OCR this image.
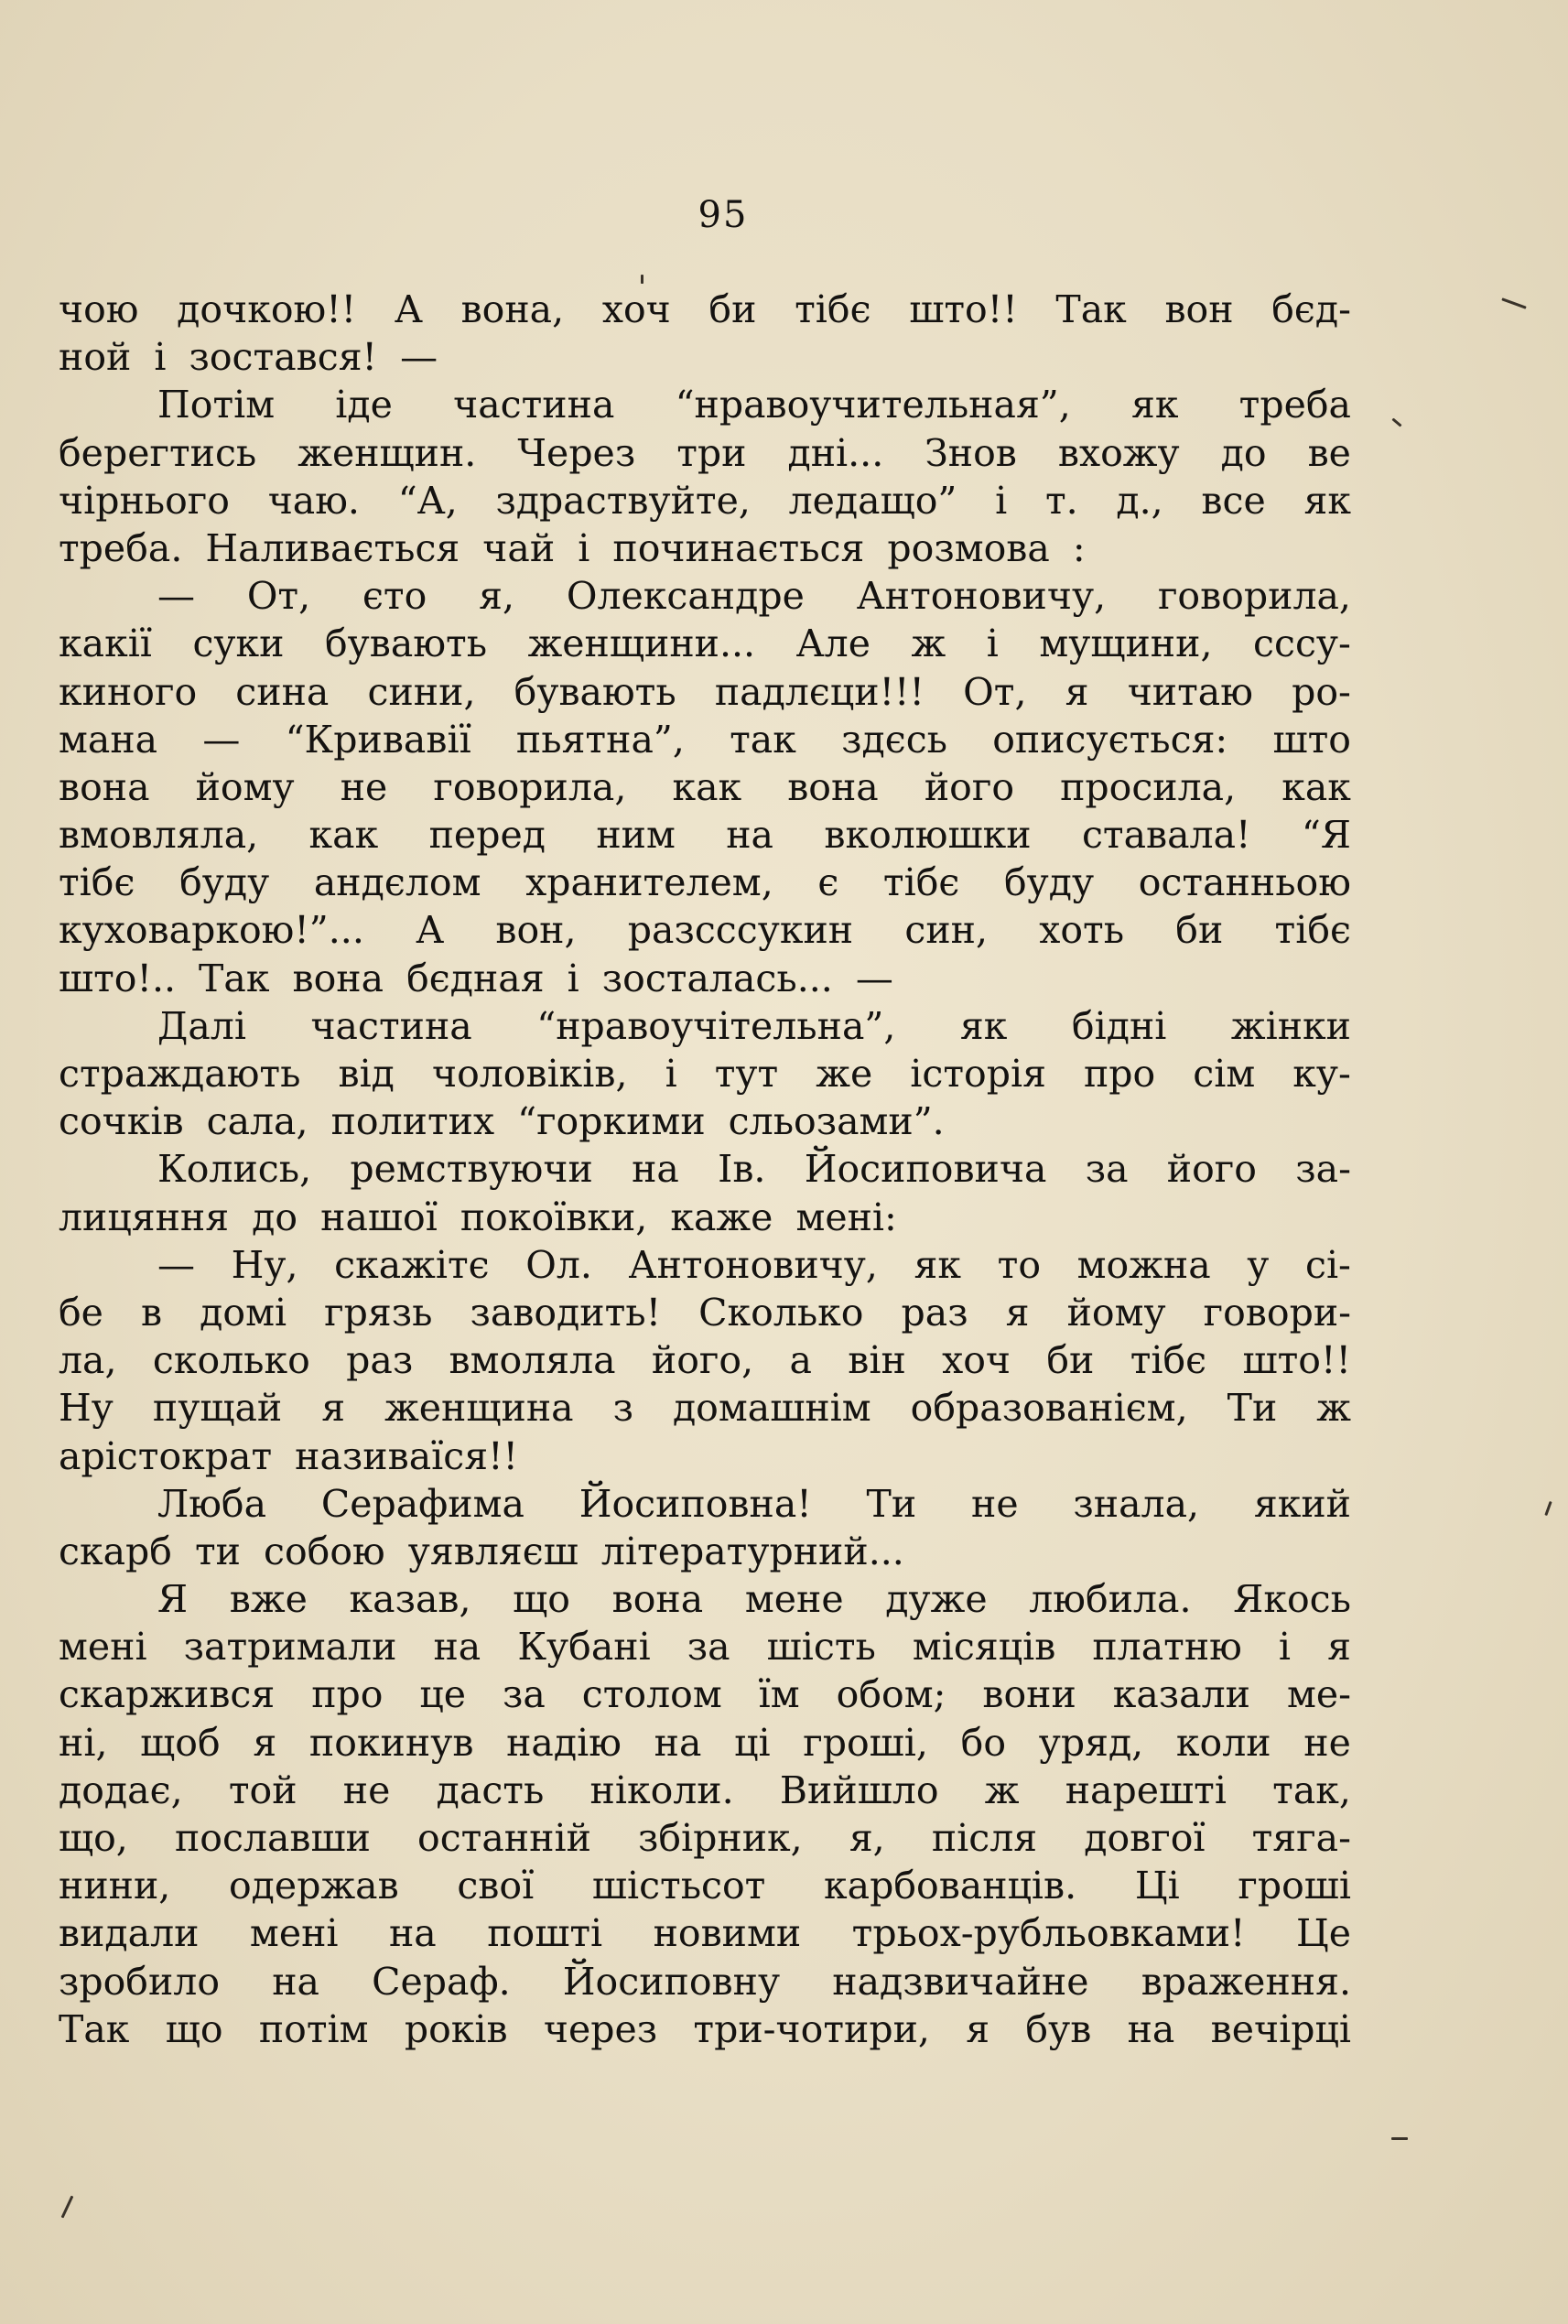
95
чою дочкою!! А вона, хоч би тібє што!! Так вон бєд-
ной і зоставcя! —
Потім іде частина “нравоучительная”, як треба
берегтись женщин. Через три дні... Знов вхожу до ве
чірнього чаю. “А, здраствуйте, ледащо” і т. д., все як
треба. Наливається чай і починається розмова :
— От, єто я, Олександре Антоновичу, говорила,
какії суки бувають женщини... Але ж і мущини, сссу-
киного сина сини, бувають падлєци!!! От, я читаю ро-
мана — “Кривавії пьятна”, так здєсь описується: што
вона йому не говорила, как вона його просила, как
вмовляла, как перед ним на вколюшки ставала! “Я
тібє буду андєлом хранителем, є тібє буду останньою
куховаркою!”... А вон, разссcукин син, хоть би тібє
што!.. Так вона бєдная і зосталась... —
Далі частина “нравоучітельна”, як бідні жінки
страждають від чоловіків, і тут же історія про сім ку-
сочків сала, политих “горкими сльозами”.
Колись, ремствуючи на Ів. Йосиповича за його за-
лицяння до нашої покоївки, каже мені:
— Ну, скажітє Ол. Антоновичу, як то можна у сі-
бе в домі грязь заводить! Сколько раз я йому говори-
ла, сколько раз вмоляла його, а він хоч би тібє што!!
Ну пущай я женщина з домашнім образованієм, Ти ж
арістократ називаїся!!
Люба Серафима Йосиповна! Ти не знала, який
скарб ти собою уявляєш літературний...
Я вже казав, що вона мене дуже любила. Якось
мені затримали на Кубані за шість місяців платню і я
скаржився про це за столом їм обом; вони казали ме-
ні, щоб я покинув надію на ці гроші, бо уряд, коли не
додає, той не дасть ніколи. Вийшло ж нарешті так,
що, пославши останній збірник, я, після довгої тяга-
нини, одержав свої шістьсот карбованців. Ці гроші
видали мені на пошті новими трьох-рубльовками! Це
зробило на Сераф. Йосиповну надзвичайне враження.
Так що потім років через три-чотири, я був на вечірці
